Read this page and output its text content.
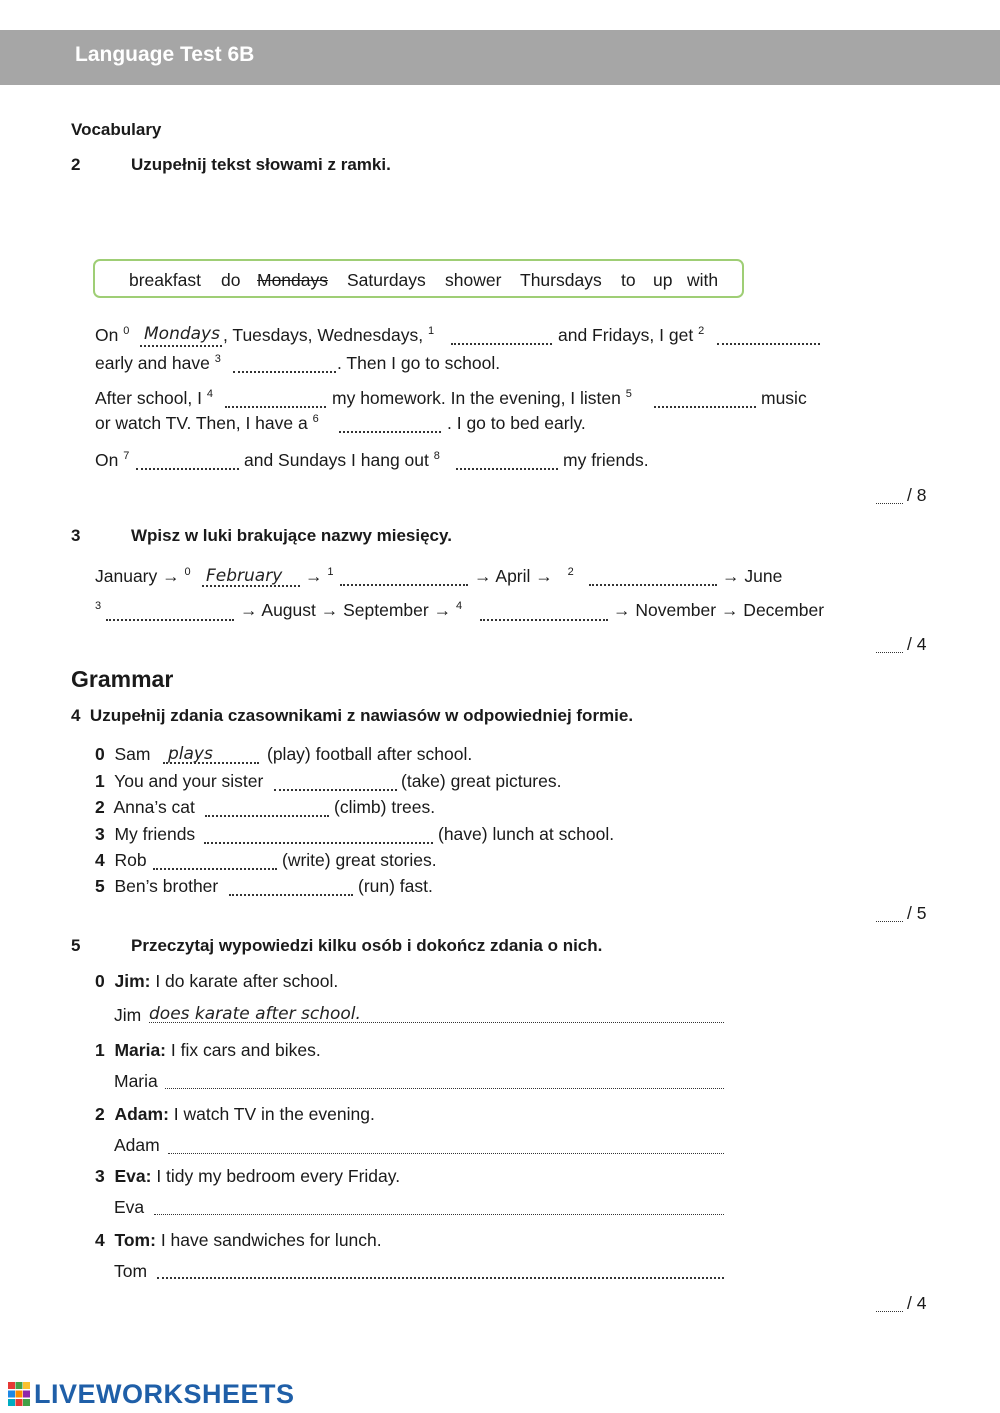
Language Test 6B
Vocabulary
2	Uzupełnij tekst słowami z ramki.
breakfast do Mondays Saturdays shower Thursdays to up with
On $^0$ Mondays , Tuesdays, Wednesdays, $^1$	and Fridays, I get $^2$
early and have $^3$	. Then I go to school.
After school, I $^4$	my homework. In the evening, I listen $^5$	music
or watch TV. Then, I have a $^6$	. I go to bed early.
On $^7$	and Sundays I hang out $^8$	my friends.
/ 8
3	Wpisz w luki brakujące nazwy miesięcy.
January → $^0$ February → $^1$	→ April → $^2$	→ June
$^3$	→ August → September → $^4$	→ November → December
/ 4
Grammar
4 Uzupełnij zdania czasownikami z nawiasów w odpowiedniej formie.
0 Sam plays	(play) football after school.
1 You and your sister	(take) great pictures.
2 Anna’s cat	(climb) trees.
3 My friends	(have) lunch at school.
4 Rob	(write) great stories.
5 Ben’s brother	(run) fast.
/ 5
5	Przeczytaj wypowiedzi kilku osób i dokończ zdania o nich.
0 Jim: I do karate after school.
Jim does karate after school.
1 Maria: I fix cars and bikes.
Maria
2 Adam: I watch TV in the evening.
Adam
3 Eva: I tidy my bedroom every Friday.
Eva
4 Tom: I have sandwiches for lunch.
Tom
/ 4
LIVEWORKSHEETS
